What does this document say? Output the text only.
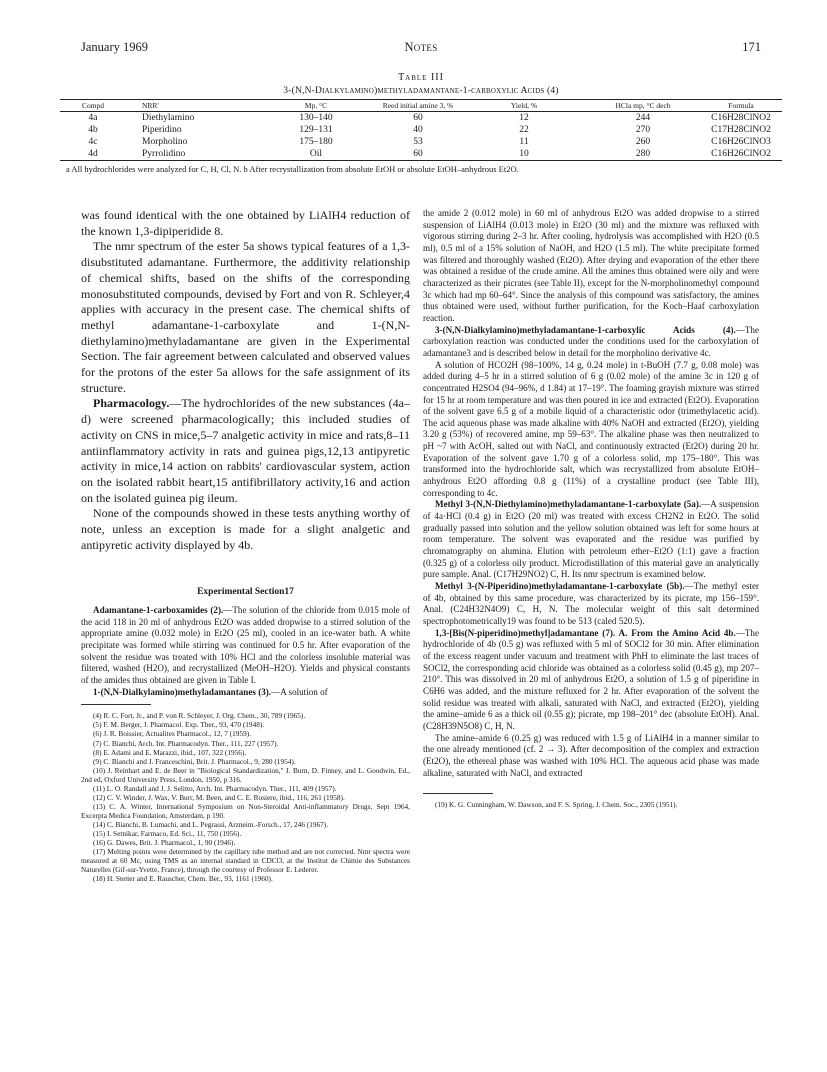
January 1969	Notes	171
Table III
3-(N,N-Dialkylamino)methyladamantane-1-carboxylic Acids (4)
Compd	NRR'	Mp, °C	Reed initial amine 3, %	Yield, %	HCla mp, °C decb	Formula

4a	Diethylamino	130–140	60	12	244	C16H28ClNO2
4b	Piperidino	129–131	40	22	270	C17H28ClNO2
4c	Morpholino	175–180	53	11	260	C16H26ClNO3
4d	Pyrrolidino	Oil	60	10	280	C16H26ClNO2
a All hydrochlorides were analyzed for C, H, Cl, N. b After recrystallization from absolute EtOH or absolute EtOH–anhydrous Et2O.

was found identical with the one obtained by LiAlH4 reduction of the known 1,3-dipiperidide 8.

The nmr spectrum of the ester 5a shows typical features of a 1,3-disubstituted adamantane. Furthermore, the additivity relationship of chemical shifts, based on the shifts of the corresponding monosubstituted compounds, devised by Fort and von R. Schleyer,4 applies with accuracy in the present case. The chemical shifts of methyl adamantane-1-carboxylate and 1-(N,N-diethylamino)methyladamantane are given in the Experimental Section. The fair agreement between calculated and observed values for the protons of the ester 5a allows for the safe assignment of its structure.

Pharmacology.—The hydrochlorides of the new substances (4a–d) were screened pharmacologically; this included studies of activity on CNS in mice,5–7 analgetic activity in mice and rats,8–11 antiinflammatory activity in rats and guinea pigs,12,13 antipyretic activity in mice,14 action on rabbits' cardiovascular system, action on the isolated rabbit heart,15 antifibrillatory activity,16 and action on the isolated guinea pig ileum.

None of the compounds showed in these tests anything worthy of note, unless an exception is made for a slight analgetic and antipyretic activity displayed by 4b.

Experimental Section17

Adamantane-1-carboxamides (2).—The solution of the chloride from 0.015 mole of the acid 118 in 20 ml of anhydrous Et2O was added dropwise to a stirred solution of the appropriate amine (0.032 mole) in Et2O (25 ml), cooled in an ice-water bath. A white precipitate was formed while stirring was continued for 0.5 hr. After evaporation of the solvent the residue was treated with 10% HCl and the colorless insoluble material was filtered, washed (H2O), and recrystallized (MeOH–H2O). Yields and physical constants of the amides thus obtained are given in Table I.

1-(N,N-Dialkylamino)methyladamantanes (3).—A solution of

(4) R. C. Fort, Jr., and P. von R. Schleyer, J. Org. Chem., 30, 789 (1965).

(5) F. M. Berger, J. Pharmacol. Exp. Ther., 93, 470 (1948).

(6) J. R. Boissier, Actualites Pharmacol., 12, 7 (1959).

(7) C. Bianchi, Arch. Int. Pharmacodyn. Ther., 111, 227 (1957).

(8) E. Adami and E. Marazzi, ibid., 107, 322 (1956).

(9) C. Bianchi and J. Franceschini, Brit. J. Pharmacol., 9, 280 (1954).

(10) J. Reinhart and E. de Beer in "Biological Standardization," J. Burn, D. Finney, and L. Goodwin, Ed., 2nd ed, Oxford University Press, London, 1950, p 316.

(11) L. O. Randall and J. J. Selitto, Arch. Int. Pharmacodyn. Ther., 111, 409 (1957).

(12) C. V. Winder, J. Wax, V. Burr, M. Been, and C. E. Rosiere, ibid., 116, 261 (1958).

(13) C. A. Winter, International Symposium on Non-Steroidal Anti-inflammatory Drugs, Sept 1964, Excerpta Medica Foundation, Amsterdam, p 190.

(14) C. Bianchi, B. Lumachi, and L. Pegrassi, Arzneim.-Forsch., 17, 246 (1967).

(15) I. Setnikar, Farmaco, Ed. Sci., 11, 750 (1956).

(16) G. Dawes, Brit. J. Pharmacol., 1, 90 (1946).

(17) Melting points were determined by the capillary tube method and are not corrected. Nmr spectra were measured at 60 Mc, using TMS as an internal standard in CDCl3, at the Institut de Chimie des Substances Naturelles (Gif-sur-Yvette, France), through the courtesy of Professor E. Lederer.

(18) H. Stetter and E. Rauscher, Chem. Ber., 93, 1161 (1960).

the amide 2 (0.012 mole) in 60 ml of anhydrous Et2O was added dropwise to a stirred suspension of LiAlH4 (0.013 mole) in Et2O (30 ml) and the mixture was refluxed with vigorous stirring during 2–3 hr. After cooling, hydrolysis was accomplished with H2O (0.5 ml), 0.5 ml of a 15% solution of NaOH, and H2O (1.5 ml). The white precipitate formed was filtered and thoroughly washed (Et2O). After drying and evaporation of the ether there was obtained a residue of the crude amine. All the amines thus obtained were oily and were characterized as their picrates (see Table II), except for the N-morpholinomethyl compound 3c which had mp 60–64°. Since the analysis of this compound was satisfactory, the amines thus obtained were used, without further purification, for the Koch–Haaf carboxylation reaction.

3-(N,N-Dialkylamino)methyladamantane-1-carboxylic Acids (4).—The carboxylation reaction was conducted under the conditions used for the carboxylation of adamantane3 and is described below in detail for the morpholino derivative 4c.

A solution of HCO2H (98–100%, 14 g, 0.24 mole) in t-BuOH (7.7 g, 0.08 mole) was added during 4–5 hr in a stirred solution of 6 g (0.02 mole) of the amine 3c in 120 g of concentrated H2SO4 (94–96%, d 1.84) at 17–19°. The foaming grayish mixture was stirred for 15 hr at room temperature and was then poured in ice and extracted (Et2O). Evaporation of the solvent gave 6.5 g of a mobile liquid of a characteristic odor (trimethylacetic acid). The acid aqueous phase was made alkaline with 40% NaOH and extracted (Et2O), yielding 3.20 g (53%) of recovered amine, mp 59–63°. The alkaline phase was then neutralized to pH ~7 with AcOH, salted out with NaCl, and continuously extracted (Et2O) during 20 hr. Evaporation of the solvent gave 1.70 g of a colorless solid, mp 175–180°. This was transformed into the hydrochloride salt, which was recrystallized from absolute EtOH–anhydrous Et2O affording 0.8 g (11%) of a crystalline product (see Table III), corresponding to 4c.

Methyl 3-(N,N-Diethylamino)methyladamantane-1-carboxylate (5a).—A suspension of 4a·HCl (0.4 g) in Et2O (20 ml) was treated with excess CH2N2 in Et2O. The solid gradually passed into solution and the yellow solution obtained was left for some hours at room temperature. The solvent was evaporated and the residue was purified by chromatography on alumina. Elution with petroleum ether–Et2O (1:1) gave a fraction (0.325 g) of a colorless oily product. Microdistillation of this material gave an analytically pure sample. Anal. (C17H29NO2) C, H. Its nmr spectrum is examined below.

Methyl 3-(N-Piperidino)methyladamantane-1-carboxylate (5b).—The methyl ester of 4b, obtained by this same procedure, was characterized by its picrate, mp 156–159°. Anal. (C24H32N4O9) C, H, N. The molecular weight of this salt determined spectrophotometrically19 was found to be 513 (caled 520.5).

1,3-[Bis(N-piperidino)methyl]adamantane (7). A. From the Amino Acid 4b.—The hydrochloride of 4b (0.5 g) was refluxed with 5 ml of SOCl2 for 30 min. After elimination of the excess reagent under vacuum and treatment with PhH to eliminate the last traces of SOCl2, the corresponding acid chloride was obtained as a colorless solid (0.45 g), mp 207–210°. This was dissolved in 20 ml of anhydrous Et2O, a solution of 1.5 g of piperidine in C6H6 was added, and the mixture refluxed for 2 hr. After evaporation of the solvent the solid residue was treated with alkali, saturated with NaCl, and extracted (Et2O), yielding the amine–amide 6 as a thick oil (0.55 g); picrate, mp 198–201° dec (absolute EtOH). Anal. (C28H39N5O8) C, H, N.

The amine–amide 6 (0.25 g) was reduced with 1.5 g of LiAlH4 in a manner similar to the one already mentioned (cf. 2 → 3). After decomposition of the complex and extraction (Et2O), the ethereal phase was washed with 10% HCl. The aqueous acid phase was made alkaline, saturated with NaCl, and extracted

(19) K. G. Cunningham, W. Dawson, and F. S. Spring, J. Chem. Soc., 2305 (1951).
